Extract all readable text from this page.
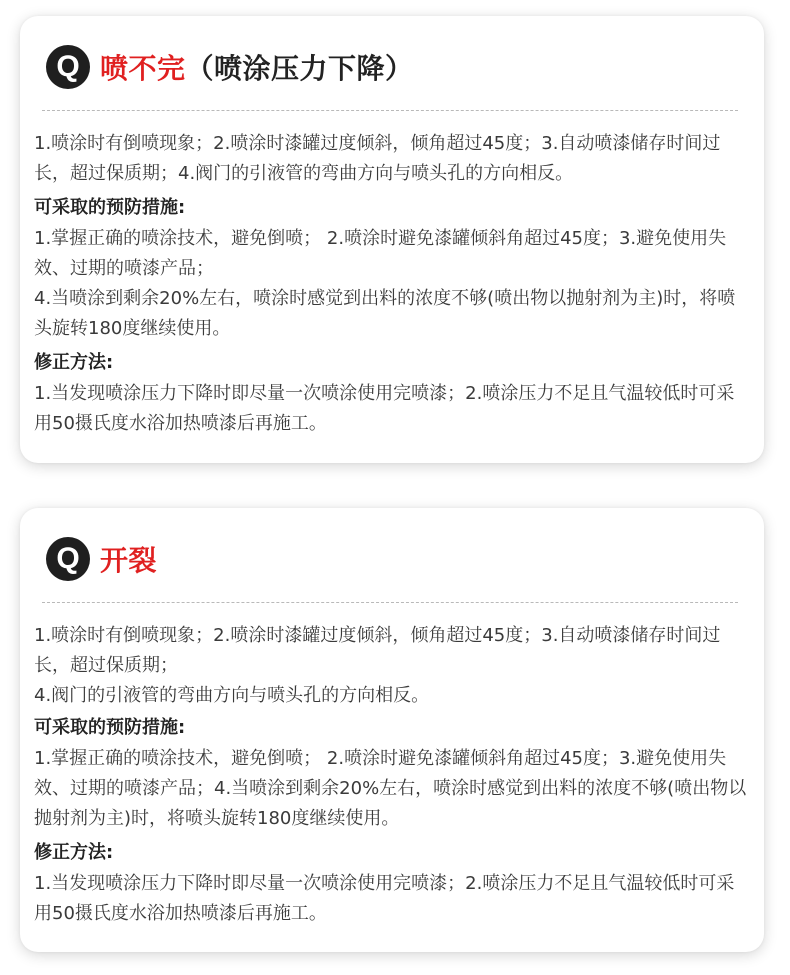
Q 喷不完（喷涂压力下降）

1.喷涂时有倒喷现象；2.喷涂时漆罐过度倾斜，倾角超过45度；3.自动喷漆储存时间过长，超过保质期；4.阀门的引液管的弯曲方向与喷头孔的方向相反。

可采取的预防措施:

1.掌握正确的喷涂技术，避免倒喷； 2.喷涂时避免漆罐倾斜角超过45度；3.避免使用失效、过期的喷漆产品；

4.当喷涂到剩余20%左右，喷涂时感觉到出料的浓度不够(喷出物以抛射剂为主)时，将喷头旋转180度继续使用。

修正方法:

1.当发现喷涂压力下降时即尽量一次喷涂使用完喷漆；2.喷涂压力不足且气温较低时可采用50摄氏度水浴加热喷漆后再施工。

Q 开裂

1.喷涂时有倒喷现象；2.喷涂时漆罐过度倾斜，倾角超过45度；3.自动喷漆储存时间过长，超过保质期；

4.阀门的引液管的弯曲方向与喷头孔的方向相反。

可采取的预防措施:

1.掌握正确的喷涂技术，避免倒喷； 2.喷涂时避免漆罐倾斜角超过45度；3.避免使用失效、过期的喷漆产品；4.当喷涂到剩余20%左右，喷涂时感觉到出料的浓度不够(喷出物以抛射剂为主)时，将喷头旋转180度继续使用。

修正方法:

1.当发现喷涂压力下降时即尽量一次喷涂使用完喷漆；2.喷涂压力不足且气温较低时可采用50摄氏度水浴加热喷漆后再施工。
